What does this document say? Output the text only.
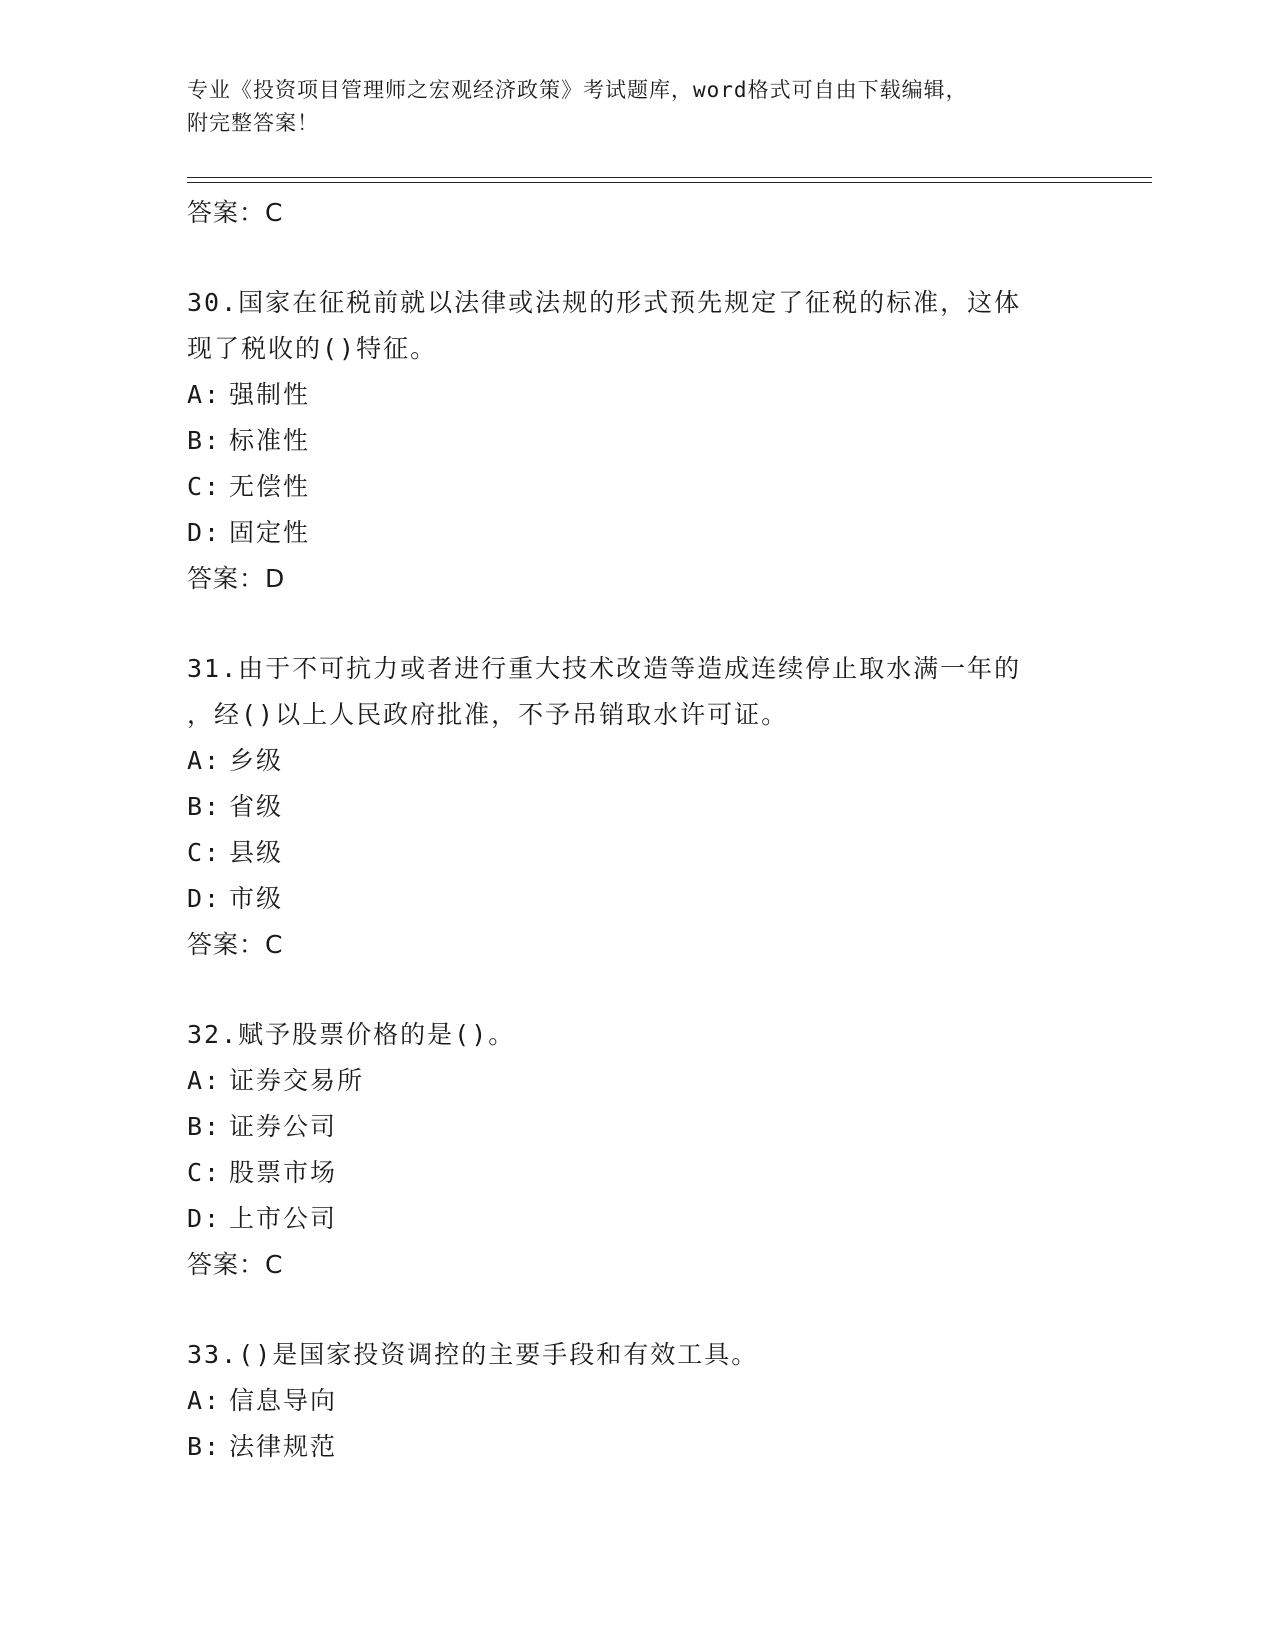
专业《投资项目管理师之宏观经济政策》考试题库，word格式可自由下载编辑，
附完整答案！
答案：C
30.国家在征税前就以法律或法规的形式预先规定了征税的标准，这体
现了税收的()特征。
A: 强制性
B: 标准性
C: 无偿性
D: 固定性
答案：D
31.由于不可抗力或者进行重大技术改造等造成连续停止取水满一年的
，经()以上人民政府批准，不予吊销取水许可证。
A: 乡级
B: 省级
C: 县级
D: 市级
答案：C
32.赋予股票价格的是()。
A: 证券交易所
B: 证券公司
C: 股票市场
D: 上市公司
答案：C
33.()是国家投资调控的主要手段和有效工具。
A: 信息导向
B: 法律规范
